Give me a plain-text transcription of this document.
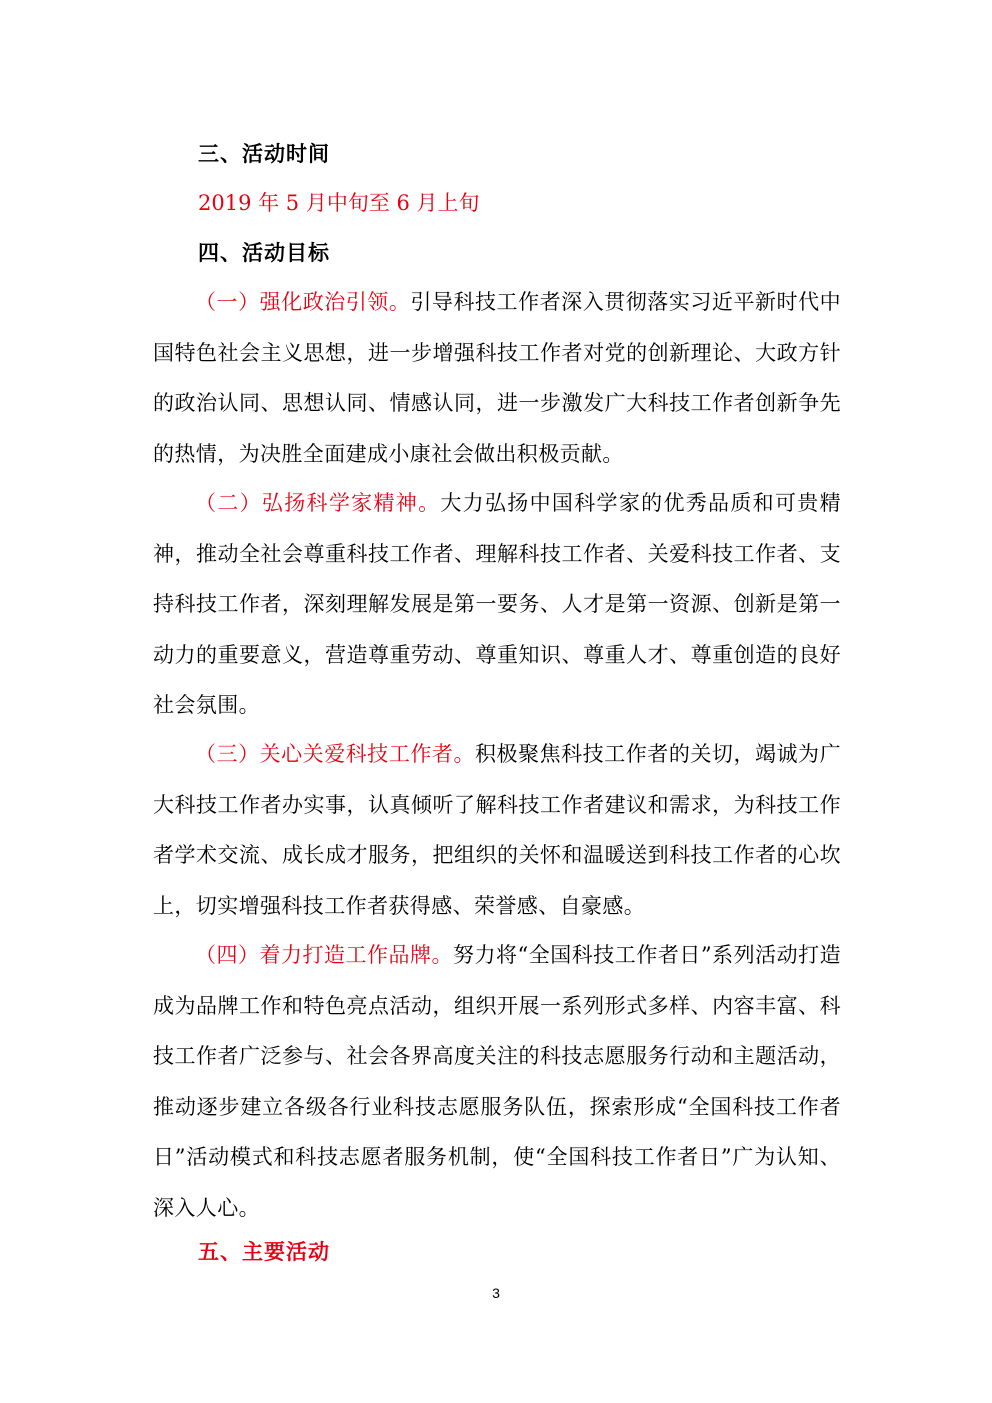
三、活动时间
2019 年 5 月中旬至 6 月上旬
四、活动目标

（一）强化政治引领。引导科技工作者深入贯彻落实习近平新时代中国特色社会主义思想，进一步增强科技工作者对党的创新理论、大政方针的政治认同、思想认同、情感认同，进一步激发广大科技工作者创新争先的热情，为决胜全面建成小康社会做出积极贡献。

（二）弘扬科学家精神。大力弘扬中国科学家的优秀品质和可贵精神，推动全社会尊重科技工作者、理解科技工作者、关爱科技工作者、支持科技工作者，深刻理解发展是第一要务、人才是第一资源、创新是第一动力的重要意义，营造尊重劳动、尊重知识、尊重人才、尊重创造的良好社会氛围。

（三）关心关爱科技工作者。积极聚焦科技工作者的关切，竭诚为广大科技工作者办实事，认真倾听了解科技工作者建议和需求，为科技工作者学术交流、成长成才服务，把组织的关怀和温暖送到科技工作者的心坎上，切实增强科技工作者获得感、荣誉感、自豪感。

（四）着力打造工作品牌。努力将“全国科技工作者日”系列活动打造成为品牌工作和特色亮点活动，组织开展一系列形式多样、内容丰富、科技工作者广泛参与、社会各界高度关注的科技志愿服务行动和主题活动，推动逐步建立各级各行业科技志愿服务队伍，探索形成“全国科技工作者日”活动模式和科技志愿者服务机制，使“全国科技工作者日”广为认知、深入人心。

五、主要活动
3
